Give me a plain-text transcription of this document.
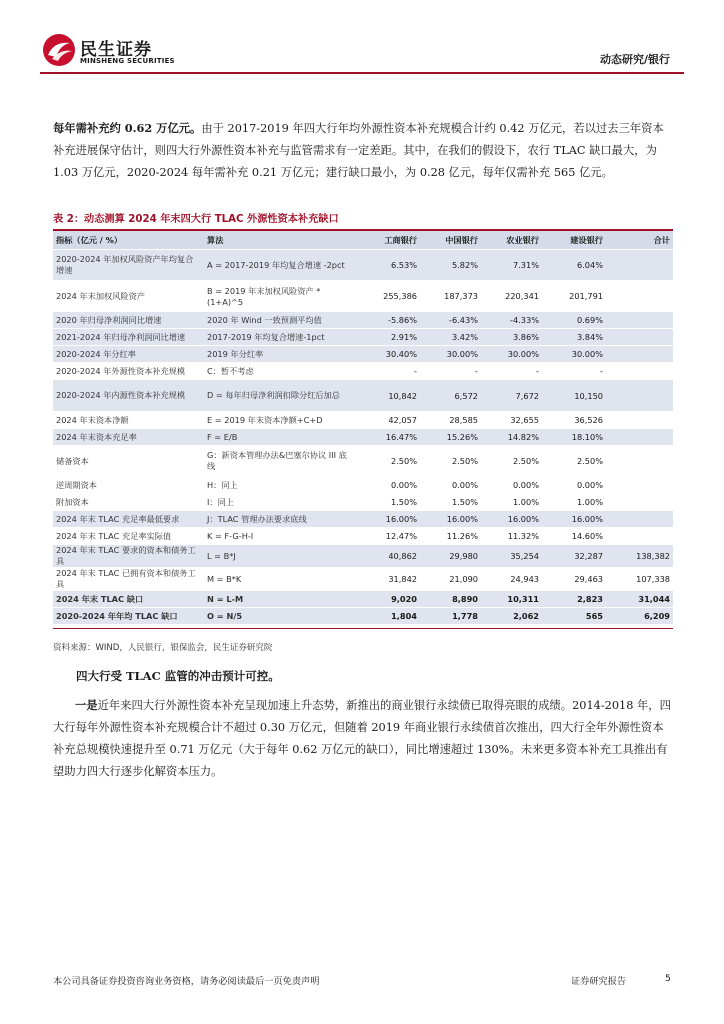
民生证券
MINSHENG SECURITIES	动态研究/银行
每年需补充约 0.62 万亿元。由于 2017-2019 年四大行年均外源性资本补充规模合计约 0.42 万亿元，若以过去三年资本补充进展保守估计，则四大行外源性资本补充与监管需求有一定差距。其中，在我们的假设下，农行 TLAC 缺口最大，为 1.03 万亿元，2020-2024 每年需补充 0.21 万亿元；建行缺口最小，为 0.28 亿元，每年仅需补充 565 亿元。
表 2：动态测算 2024 年末四大行 TLAC 外源性资本补充缺口
指标（亿元 / %）	算法	工商银行	中国银行	农业银行	建设银行	合计
2020-2024 年加权风险资产年均复合增速	A = 2017-2019 年均复合增速 -2pct	6.53%	5.82%	7.31%	6.04%	
2024 年末加权风险资产	B = 2019 年末加权风险资产 *(1+A)^5	255,386	187,373	220,341	201,791	
2020 年归母净利润同比增速	2020 年 Wind 一致预测平均值	-5.86%	-6.43%	-4.33%	0.69%	
2021-2024 年归母净利润同比增速	2017-2019 年均复合增速-1pct	2.91%	3.42%	3.86%	3.84%	
2020-2024 年分红率	2019 年分红率	30.40%	30.00%	30.00%	30.00%	
2020-2024 年外源性资本补充规模	C：暂不考虑	-	-	-	-	
2020-2024 年内源性资本补充规模	D = 每年归母净利润扣除分红后加总	10,842	6,572	7,672	10,150	
2024 年末资本净额	E = 2019 年末资本净额+C+D	42,057	28,585	32,655	36,526	
2024 年末资本充足率	F = E/B	16.47%	15.26%	14.82%	18.10%	
储备资本	G：新资本管理办法&巴塞尔协议 III 底线	2.50%	2.50%	2.50%	2.50%	
逆周期资本	H：同上	0.00%	0.00%	0.00%	0.00%	
附加资本	I：同上	1.50%	1.50%	1.00%	1.00%	
2024 年末 TLAC 充足率最低要求	J：TLAC 管理办法要求底线	16.00%	16.00%	16.00%	16.00%	
2024 年末 TLAC 充足率实际值	K = F-G-H-I	12.47%	11.26%	11.32%	14.60%	
2024 年末 TLAC 要求的资本和债务工具	L = B*J	40,862	29,980	35,254	32,287	138,382
2024 年末 TLAC 已拥有资本和债务工具	M = B*K	31,842	21,090	24,943	29,463	107,338
2024 年末 TLAC 缺口	N = L-M	9,020	8,890	10,311	2,823	31,044
2020-2024 年年均 TLAC 缺口	O = N/5	1,804	1,778	2,062	565	6,209
资料来源：WIND，人民银行，银保监会，民生证券研究院
四大行受 TLAC 监管的冲击预计可控。
一是近年来四大行外源性资本补充呈现加速上升态势，新推出的商业银行永续债已取得亮眼的成绩。2014-2018 年，四大行每年外源性资本补充规模合计不超过 0.30 万亿元，但随着 2019 年商业银行永续债首次推出，四大行全年外源性资本补充总规模快速提升至 0.71 万亿元（大于每年 0.62 万亿元的缺口），同比增速超过 130%。未来更多资本补充工具推出有望助力四大行逐步化解资本压力。
本公司具备证券投资咨询业务资格，请务必阅读最后一页免责声明	证券研究报告	5
